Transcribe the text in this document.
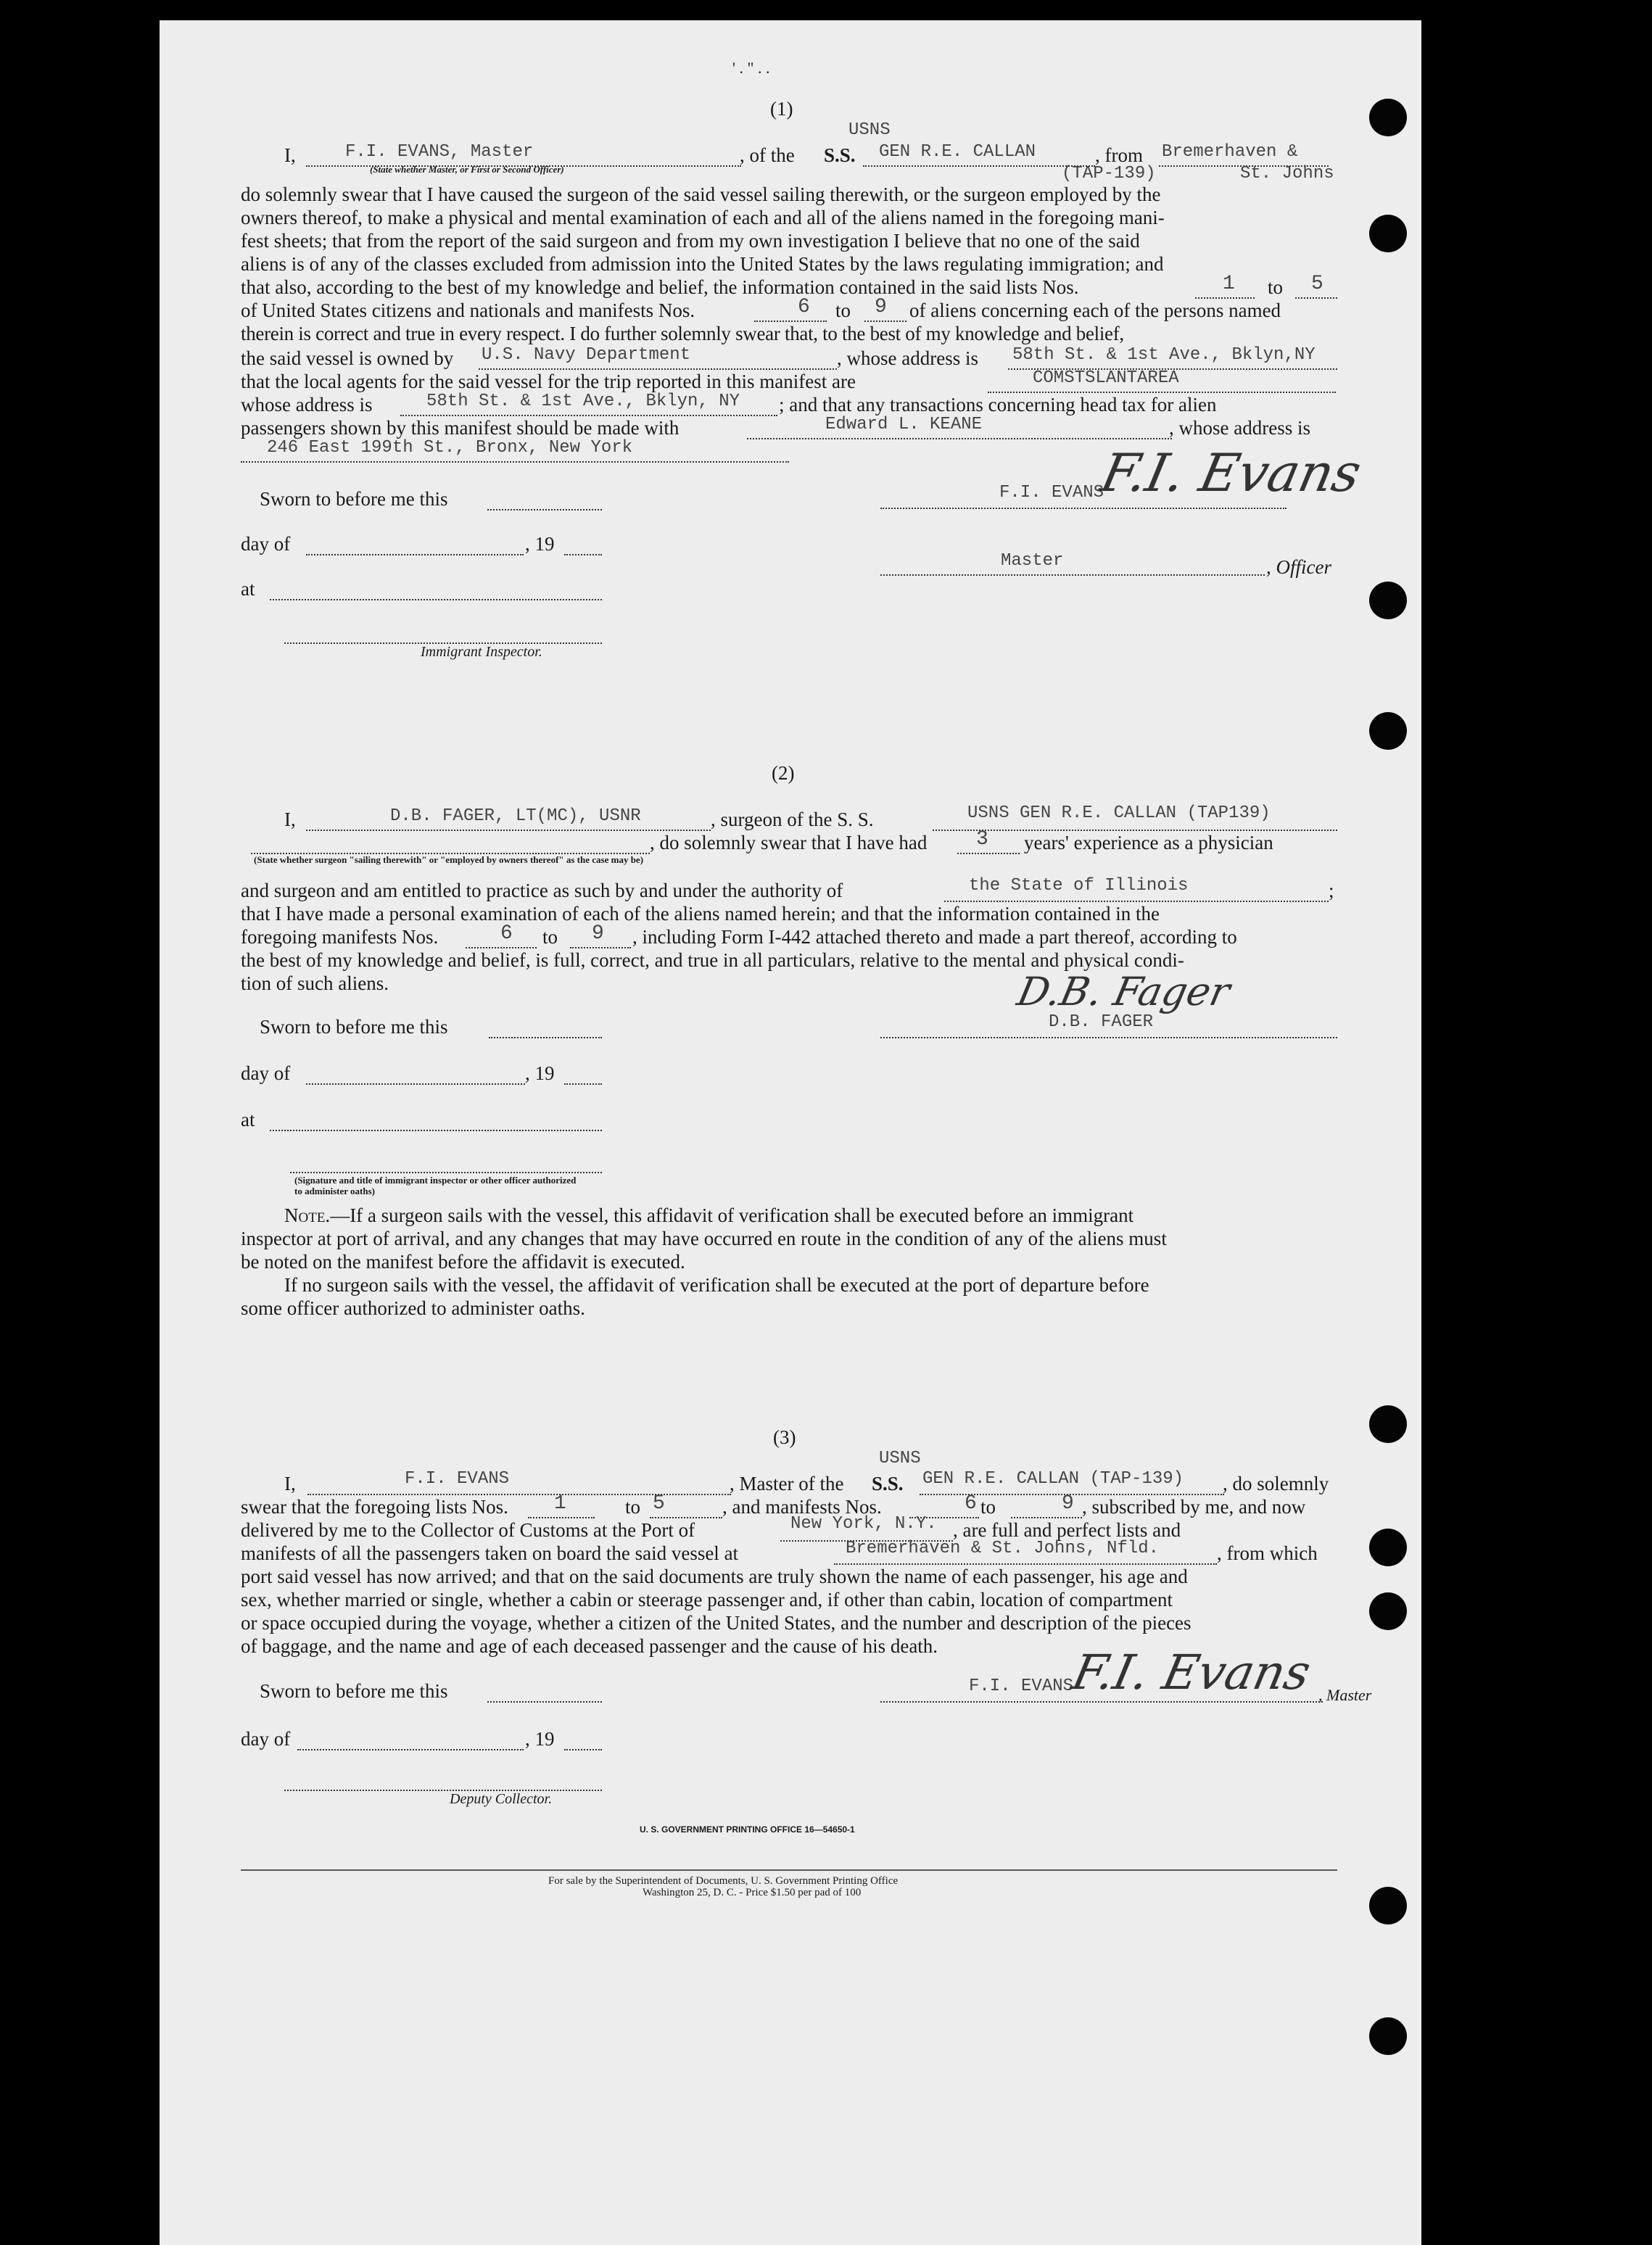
' . " . .
(1)
I,	F.I. EVANS, Master
(State whether Master, or First or Second Officer)
, of the
USNS
S.S. GEN R.E. CALLAN
(TAP-139)
, from Bremerhaven &
St. Johns
do solemnly swear that I have caused the surgeon of the said vessel sailing therewith, or the surgeon employed by the
owners thereof, to make a physical and mental examination of each and all of the aliens named in the foregoing mani-
fest sheets; that from the report of the said surgeon and from my own investigation I believe that no one of the said
aliens is of any of the classes excluded from admission into the United States by the laws regulating immigration; and
that also, according to the best of my knowledge and belief, the information contained in the said lists Nos.	1 to 5
of United States citizens and nationals and manifests Nos.	6 to 9 of aliens concerning each of the persons named
therein is correct and true in every respect. I do further solemnly swear that, to the best of my knowledge and belief,
the said vessel is owned by U.S. Navy Department	, whose address is 58th St. & 1st Ave., Bklyn,NY
that the local agents for the said vessel for the trip reported in this manifest are	COMSTSLANTAREA
whose address is	58th St. & 1st Ave., Bklyn, NY ; and that any transactions concerning head tax for alien
passengers shown by this manifest should be made with	Edward L. KEANE	, whose address is
246 East 199th St., Bronx, New York
Sworn to before me this
day of	, 19
at
Immigrant Inspector.
F.I. EVANS
F.I. Evans
Master	, Officer
(2)
I,	D.B. FAGER, LT(MC), USNR	, surgeon of the S. S.	USNS GEN R.E. CALLAN (TAP139)
, do solemnly swear that I have had 3 years' experience as a physician
(State whether surgeon "sailing therewith" or "employed by owners thereof" as the case may be)
and surgeon and am entitled to practice as such by and under the authority of	the State of Illinois	;
that I have made a personal examination of each of the aliens named herein; and that the information contained in the
foregoing manifests Nos.	6 to 9 , including Form I-442 attached thereto and made a part thereof, according to
the best of my knowledge and belief, is full, correct, and true in all particulars, relative to the mental and physical condi-
tion of such aliens.
Sworn to before me this
day of	, 19
at
(Signature and title of immigrant inspector or other officer authorized to administer oaths)
D.B. FAGER
D.B. Fager
Note.—If a surgeon sails with the vessel, this affidavit of verification shall be executed before an immigrant
inspector at port of arrival, and any changes that may have occurred en route in the condition of any of the aliens must
be noted on the manifest before the affidavit is executed.
If no surgeon sails with the vessel, the affidavit of verification shall be executed at the port of departure before
some officer authorized to administer oaths.
(3)
I,	F.I. EVANS	, Master of the
USNS
S.S. GEN R.E. CALLAN (TAP-139) , do solemnly
swear that the foregoing lists Nos. 1	to 5	, and manifests Nos.	6 to	9 , subscribed by me, and now
delivered by me to the Collector of Customs at the Port of	New York, N.Y. , are full and perfect lists and
manifests of all the passengers taken on board the said vessel at	Bremerhaven & St. Johns, Nfld.	, from which
port said vessel has now arrived; and that on the said documents are truly shown the name of each passenger, his age and
sex, whether married or single, whether a cabin or steerage passenger and, if other than cabin, location of compartment
or space occupied during the voyage, whether a citizen of the United States, and the number and description of the pieces
of baggage, and the name and age of each deceased passenger and the cause of his death.
Sworn to before me this
day of	, 19
Deputy Collector.
F.I. EVANS
F.I. Evans , Master
U. S. GOVERNMENT PRINTING OFFICE 16—54650-1
For sale by the Superintendent of Documents, U. S. Government Printing Office
Washington 25, D. C. - Price $1.50 per pad of 100
